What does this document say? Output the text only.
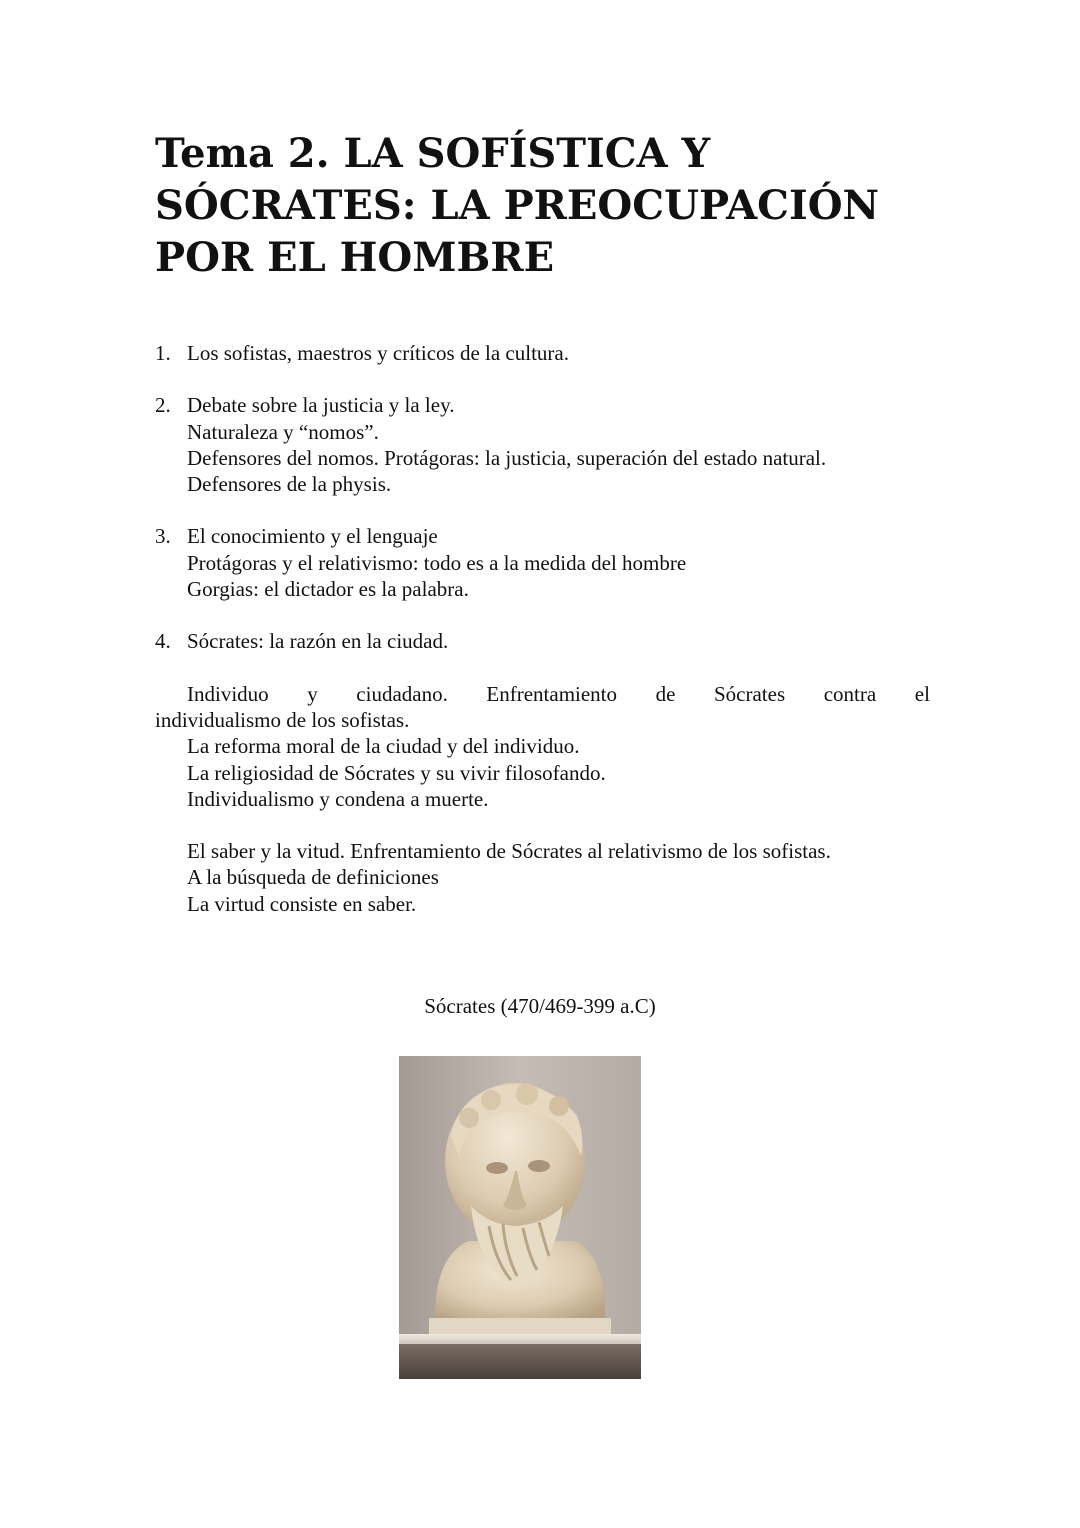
Tema 2. LA SOFÍSTICA Y
SÓCRATES: LA PREOCUPACIÓN
POR EL HOMBRE
1. Los sofistas, maestros y críticos de la cultura.
2. Debate sobre la justicia y la ley.
Naturaleza y “nomos”.
Defensores del nomos. Protágoras: la justicia, superación del estado natural.
Defensores de la physis.
3. El conocimiento y el lenguaje
Protágoras y el relativismo: todo es a la medida del hombre
Gorgias: el dictador es la palabra.
4. Sócrates: la razón en la ciudad.
Individuo y ciudadano. Enfrentamiento de Sócrates contra el
individualismo de los sofistas.
La reforma moral de la ciudad y del individuo.
La religiosidad de Sócrates y su vivir filosofando.
Individualismo y condena a muerte.
El saber y la vitud. Enfrentamiento de Sócrates al relativismo de los sofistas.
A la búsqueda de definiciones
La virtud consiste en saber.
Sócrates (470/469-399 a.C)
